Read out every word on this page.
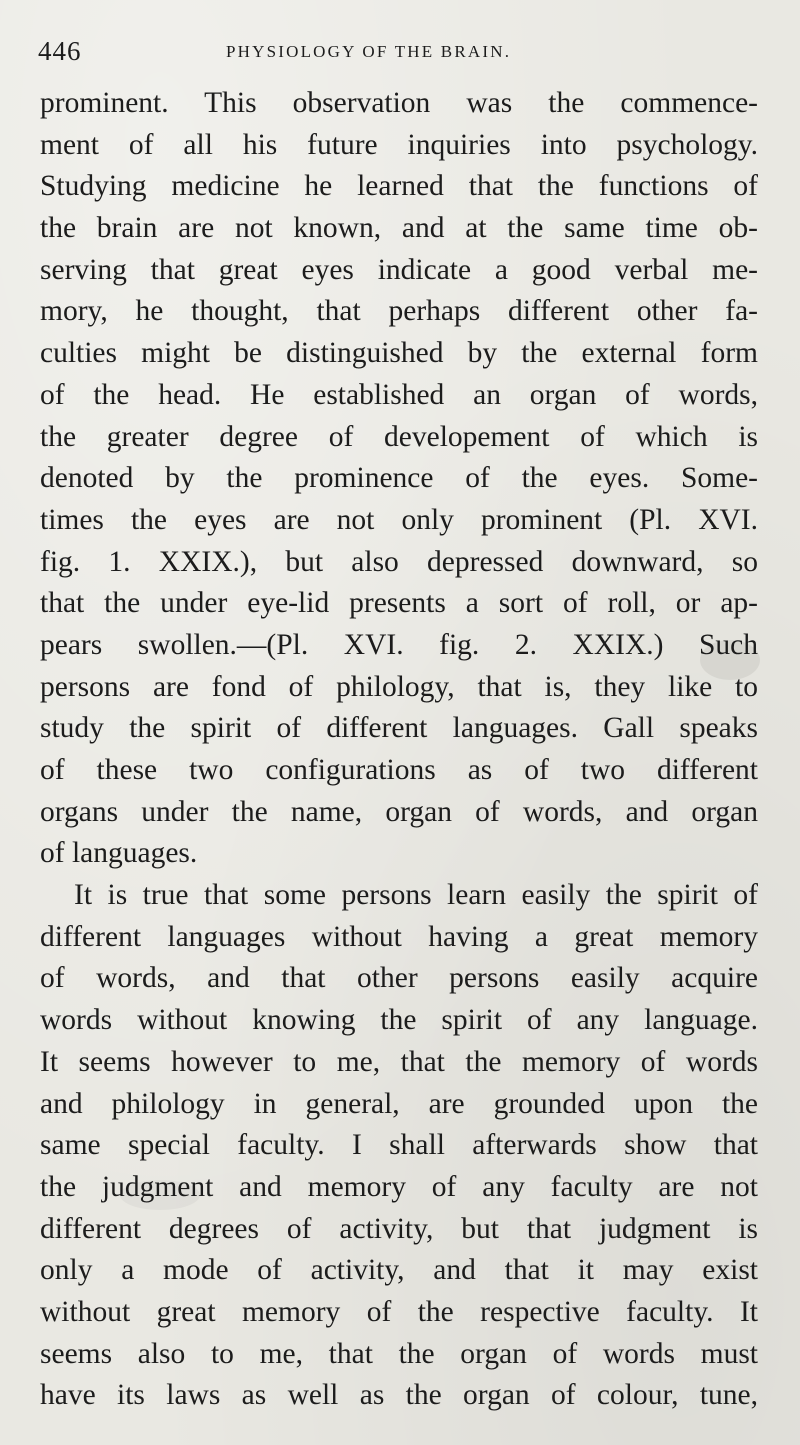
446	PHYSIOLOGY OF THE BRAIN.
prominent. This observation was the commence-
ment of all his future inquiries into psychology.
Studying medicine he learned that the functions of
the brain are not known, and at the same time ob-
serving that great eyes indicate a good verbal me-
mory, he thought, that perhaps different other fa-
culties might be distinguished by the external form
of the head. He established an organ of words,
the greater degree of developement of which is
denoted by the prominence of the eyes. Some-
times the eyes are not only prominent (Pl. XVI.
fig. 1. XXIX.), but also depressed downward, so
that the under eye-lid presents a sort of roll, or ap-
pears swollen.—(Pl. XVI. fig. 2. XXIX.) Such
persons are fond of philology, that is, they like to
study the spirit of different languages. Gall speaks
of these two configurations as of two different
organs under the name, organ of words, and organ
of languages.
It is true that some persons learn easily the spirit of
different languages without having a great memory
of words, and that other persons easily acquire
words without knowing the spirit of any language.
It seems however to me, that the memory of words
and philology in general, are grounded upon the
same special faculty. I shall afterwards show that
the judgment and memory of any faculty are not
different degrees of activity, but that judgment is
only a mode of activity, and that it may exist
without great memory of the respective faculty. It
seems also to me, that the organ of words must
have its laws as well as the organ of colour, tune,
